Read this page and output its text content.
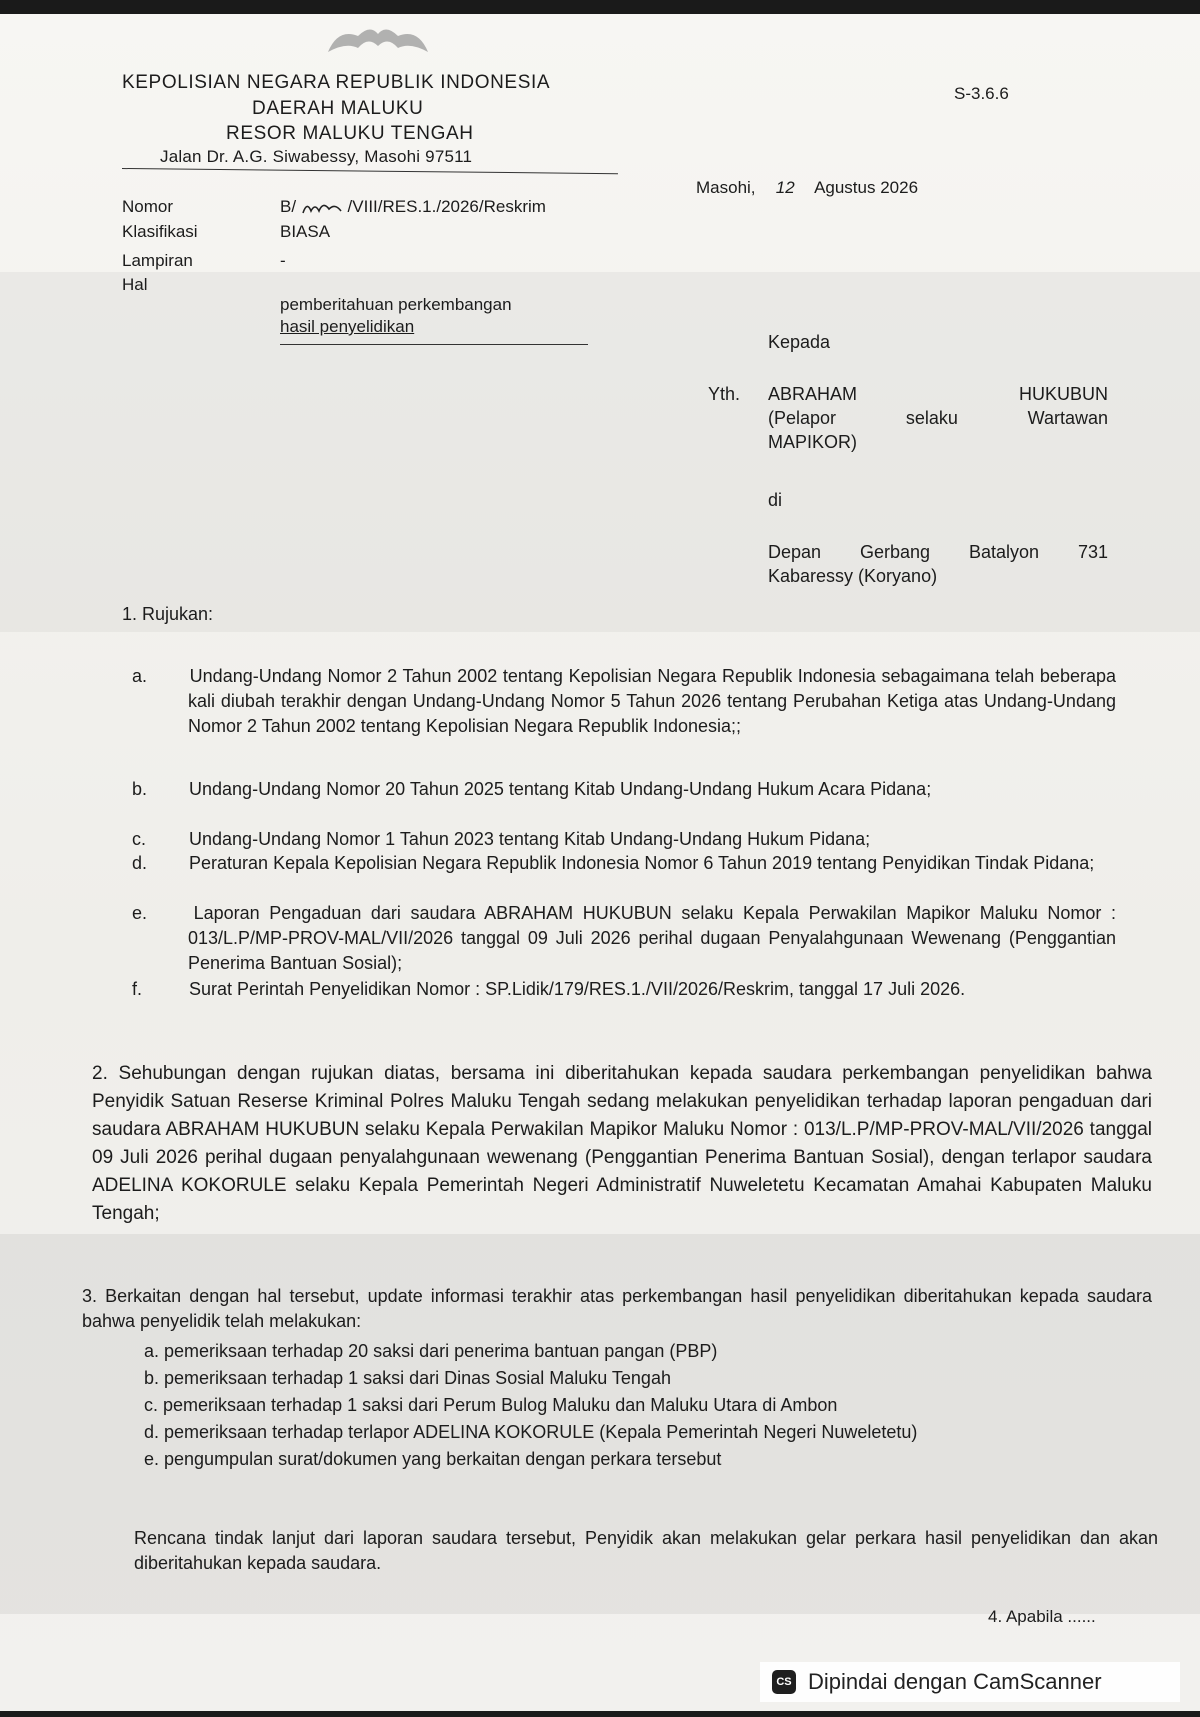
KEPOLISIAN NEGARA REPUBLIK INDONESIA
DAERAH MALUKU
RESOR MALUKU TENGAH
Jalan Dr. A.G. Siwabessy, Masohi 97511
S-3.6.6
Masohi, 12 Agustus 2026
Nomor	B/	/VIII/RES.1./2026/Reskrim
Klasifikasi	BIASA
Lampiran	-
Hal
pemberitahuan perkembangan
hasil penyelidikan
Kepada
Yth. ABRAHAM	HUKUBUN
(Pelapor	selaku	Wartawan
MAPIKOR)
di
Depan Gerbang Batalyon 731
Kabaressy (Koryano)
1. Rujukan:
a. Undang-Undang Nomor 2 Tahun 2002 tentang Kepolisian Negara Republik Indonesia sebagaimana telah beberapa kali diubah terakhir dengan Undang-Undang Nomor 5 Tahun 2026 tentang Perubahan Ketiga atas Undang-Undang Nomor 2 Tahun 2002 tentang Kepolisian Negara Republik Indonesia;;
b. Undang-Undang Nomor 20 Tahun 2025 tentang Kitab Undang-Undang Hukum Acara Pidana;
c. Undang-Undang Nomor 1 Tahun 2023 tentang Kitab Undang-Undang Hukum Pidana;
d. Peraturan Kepala Kepolisian Negara Republik Indonesia Nomor 6 Tahun 2019 tentang Penyidikan Tindak Pidana;
e.	Laporan Pengaduan dari saudara ABRAHAM HUKUBUN selaku Kepala Perwakilan Mapikor Maluku Nomor : 013/L.P/MP-PROV-MAL/VII/2026 tanggal 09 Juli 2026 perihal dugaan Penyalahgunaan Wewenang (Penggantian Penerima Bantuan Sosial);
f.	Surat Perintah Penyelidikan Nomor : SP.Lidik/179/RES.1./VII/2026/Reskrim, tanggal 17 Juli 2026.
2. Sehubungan dengan rujukan diatas, bersama ini diberitahukan kepada saudara perkembangan penyelidikan bahwa Penyidik Satuan Reserse Kriminal Polres Maluku Tengah sedang melakukan penyelidikan terhadap laporan pengaduan dari saudara ABRAHAM HUKUBUN selaku Kepala Perwakilan Mapikor Maluku Nomor : 013/L.P/MP-PROV-MAL/VII/2026 tanggal 09 Juli 2026 perihal dugaan penyalahgunaan wewenang (Penggantian Penerima Bantuan Sosial), dengan terlapor saudara ADELINA KOKORULE selaku Kepala Pemerintah Negeri Administratif Nuweletetu Kecamatan Amahai Kabupaten Maluku Tengah;
3. Berkaitan dengan hal tersebut, update informasi terakhir atas perkembangan hasil penyelidikan diberitahukan kepada saudara bahwa penyelidik telah melakukan:
a. pemeriksaan terhadap 20 saksi dari penerima bantuan pangan (PBP)
b. pemeriksaan terhadap 1 saksi dari Dinas Sosial Maluku Tengah
c. pemeriksaan terhadap 1 saksi dari Perum Bulog Maluku dan Maluku Utara di Ambon
d. pemeriksaan terhadap terlapor ADELINA KOKORULE (Kepala Pemerintah Negeri Nuweletetu)
e. pengumpulan surat/dokumen yang berkaitan dengan perkara tersebut
Rencana tindak lanjut dari laporan saudara tersebut, Penyidik akan melakukan gelar perkara hasil penyelidikan dan akan diberitahukan kepada saudara.
4. Apabila ......
CS Dipindai dengan CamScanner
